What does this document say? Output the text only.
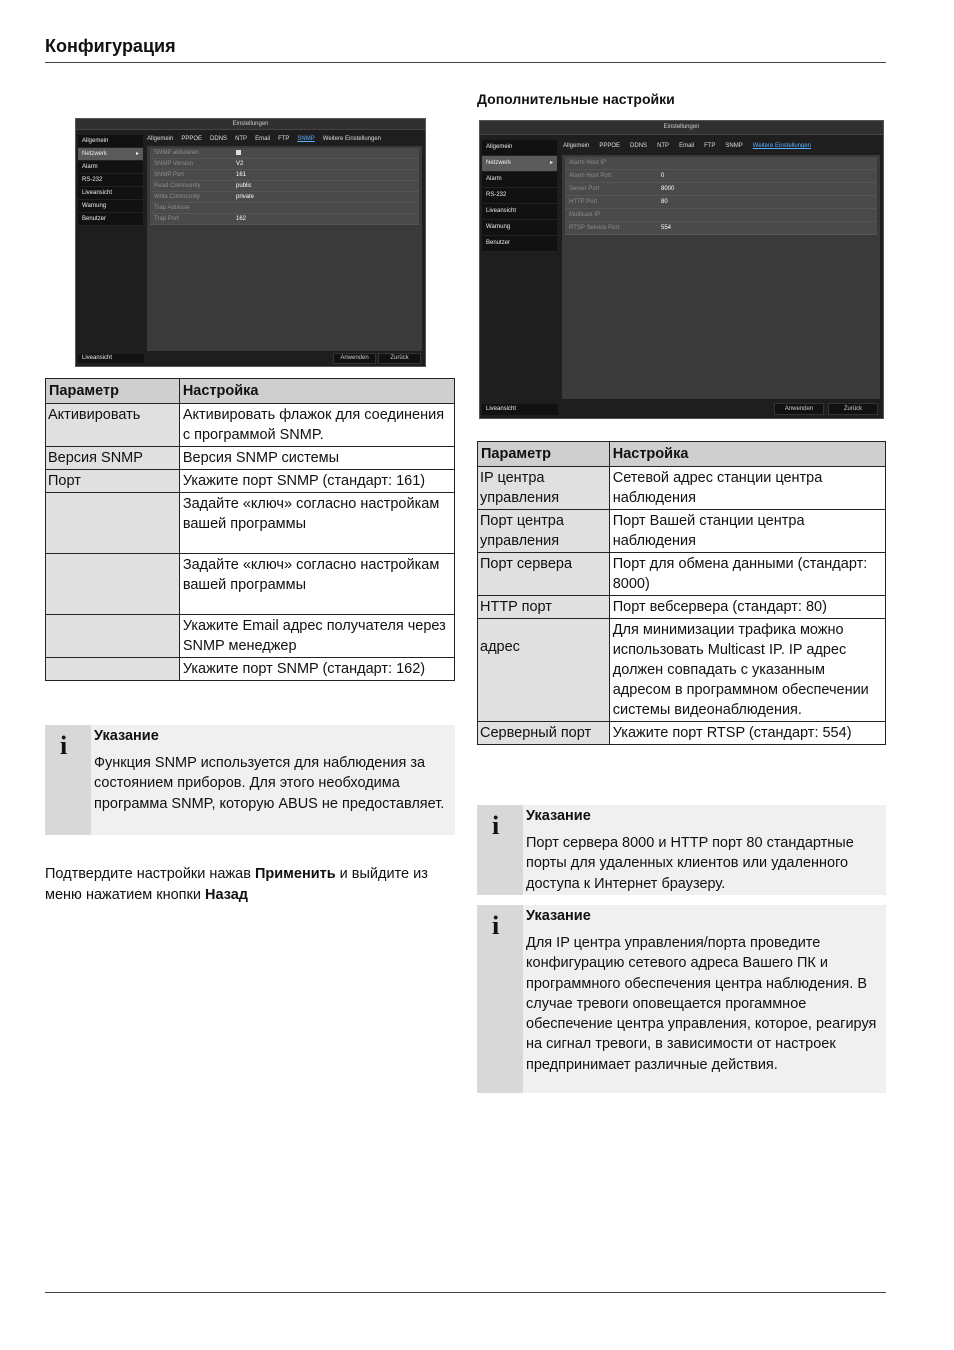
Конфигурация
Дополнительные настройки
Einstellungen
Allgemein
Netzwerk	▸
Alarm
RS-232
Liveansicht
Warnung
Benutzer
Liveansicht
Allgemein PPPOE DDNS NTP Email FTP SNMP Weitere Einstellungen
SNMP aktivieren
SNMP Version	V2
SNMP Port	161
Read Community	public
Write Community	private
Trap Adresse
Trap Port	162
Anwenden	Zurück
Параметр	Настройка
Активировать	Активировать флажок для соединения с программой SNMP.
Версия SNMP	Версия SNMP системы
Порт	Укажите порт SNMP (стандарт: 161)
	Задайте «ключ» согласно настройкам вашей программы
	Задайте «ключ» согласно настройкам вашей программы
	Укажите Email адрес получателя через SNMP менеджер
	Укажите порт SNMP (стандарт: 162)
i Указание
Функция SNMP используется для наблюдения за состоянием приборов. Для этого необходима программа SNMP, которую ABUS не предоставляет.
Подтвердите настройки нажав Применить и выйдите из меню нажатием кнопки Назад
Einstellungen
Allgemein
Netzwerk	▸
Alarm
RS-232
Liveansicht
Warnung
Benutzer
Liveansicht
Allgemein PPPOE DDNS NTP Email FTP SNMP Weitere Einstellungen
Alarm Host IP
Alarm Host Port	0
Server Port	8000
HTTP Port	80
Multicast IP
RTSP Service Port	554
Anwenden	Zurück
Параметр	Настройка
IP центра управления	Сетевой адрес станции центра наблюдения
Порт центра управления	Порт Вашей станции центра наблюдения
Порт сервера	Порт для обмена данными (стандарт: 8000)
HTTP порт	Порт вебсервера (стандарт: 80)
адрес	Для минимизации трафика можно использовать Multicast IP. IP адрес должен совпадать с указанным адресом в программном обеспечении системы видеонаблюдения.
Серверный порт	Укажите порт RTSP (стандарт: 554)
i Указание
Порт сервера 8000 и HTTP порт 80 стандартные порты для удаленных клиентов или удаленного доступа к Интернет браузеру.
i Указание
Для IP центра управления/порта проведите конфигурацию сетевого адреса Вашего ПК и программного обеспечения центра наблюдения. В случае тревоги оповещается прогаммное обеспечение центра управления, которое, реагируя на сигнал тревоги, в зависимости от настроек предпринимает различные действия.
